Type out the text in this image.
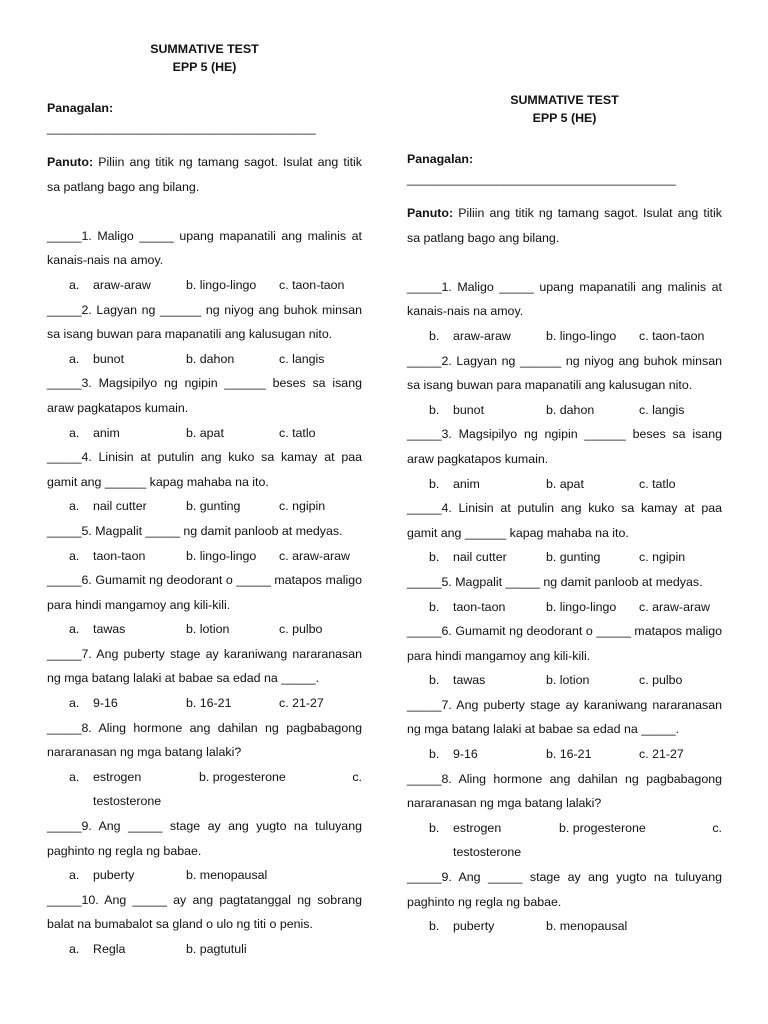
SUMMATIVE TEST
EPP 5 (HE)
Panagalan:
_______________________________________
Panuto: Piliin ang titik ng tamang sagot. Isulat ang titik sa patlang bago ang bilang.
_____1. Maligo _____ upang mapanatili ang malinis at kanais-nais na amoy.
a. araw-araw	b. lingo-lingo	c. taon-taon
_____2. Lagyan ng ______ ng niyog ang buhok minsan sa isang buwan para mapanatili ang kalusugan nito.
a. bunot	b. dahon	c. langis
_____3. Magsipilyo ng ngipin ______ beses sa isang araw pagkatapos kumain.
a. anim	b. apat	c. tatlo
_____4. Linisin at putulin ang kuko sa kamay at paa gamit ang ______ kapag mahaba na ito.
a. nail cutter	b. gunting	c. ngipin
_____5. Magpalit _____ ng damit panloob at medyas.
a. taon-taon	b. lingo-lingo	c. araw-araw
_____6. Gumamit ng deodorant o _____ matapos maligo para hindi mangamoy ang kili-kili.
a. tawas	b. lotion	c. pulbo
_____7. Ang puberty stage ay karaniwang nararanasan ng mga batang lalaki at babae sa edad na _____.
a. 9-16	b. 16-21	c. 21-27
_____8. Aling hormone ang dahilan ng pagbabagong nararanasan ng mga batang lalaki?
a. estrogen	b. progesterone	c.
testosterone
_____9. Ang _____ stage ay ang yugto na tuluyang paghinto ng regla ng babae.
a. puberty	b. menopausal
_____10. Ang _____ ay ang pagtatanggal ng sobrang balat na bumabalot sa gland o ulo ng titi o penis.
a. Regla	b. pagtutuli
SUMMATIVE TEST
EPP 5 (HE)
Panagalan:
_______________________________________
Panuto: Piliin ang titik ng tamang sagot. Isulat ang titik sa patlang bago ang bilang.
_____1. Maligo _____ upang mapanatili ang malinis at kanais-nais na amoy.
b. araw-araw	b. lingo-lingo	c. taon-taon
_____2. Lagyan ng ______ ng niyog ang buhok minsan sa isang buwan para mapanatili ang kalusugan nito.
b. bunot	b. dahon	c. langis
_____3. Magsipilyo ng ngipin ______ beses sa isang araw pagkatapos kumain.
b. anim	b. apat	c. tatlo
_____4. Linisin at putulin ang kuko sa kamay at paa gamit ang ______ kapag mahaba na ito.
b. nail cutter	b. gunting	c. ngipin
_____5. Magpalit _____ ng damit panloob at medyas.
b. taon-taon	b. lingo-lingo	c. araw-araw
_____6. Gumamit ng deodorant o _____ matapos maligo para hindi mangamoy ang kili-kili.
b. tawas	b. lotion	c. pulbo
_____7. Ang puberty stage ay karaniwang nararanasan ng mga batang lalaki at babae sa edad na _____.
b. 9-16	b. 16-21	c. 21-27
_____8. Aling hormone ang dahilan ng pagbabagong nararanasan ng mga batang lalaki?
b. estrogen	b. progesterone	c.
testosterone
_____9. Ang _____ stage ay ang yugto na tuluyang paghinto ng regla ng babae.
b. puberty	b. menopausal
